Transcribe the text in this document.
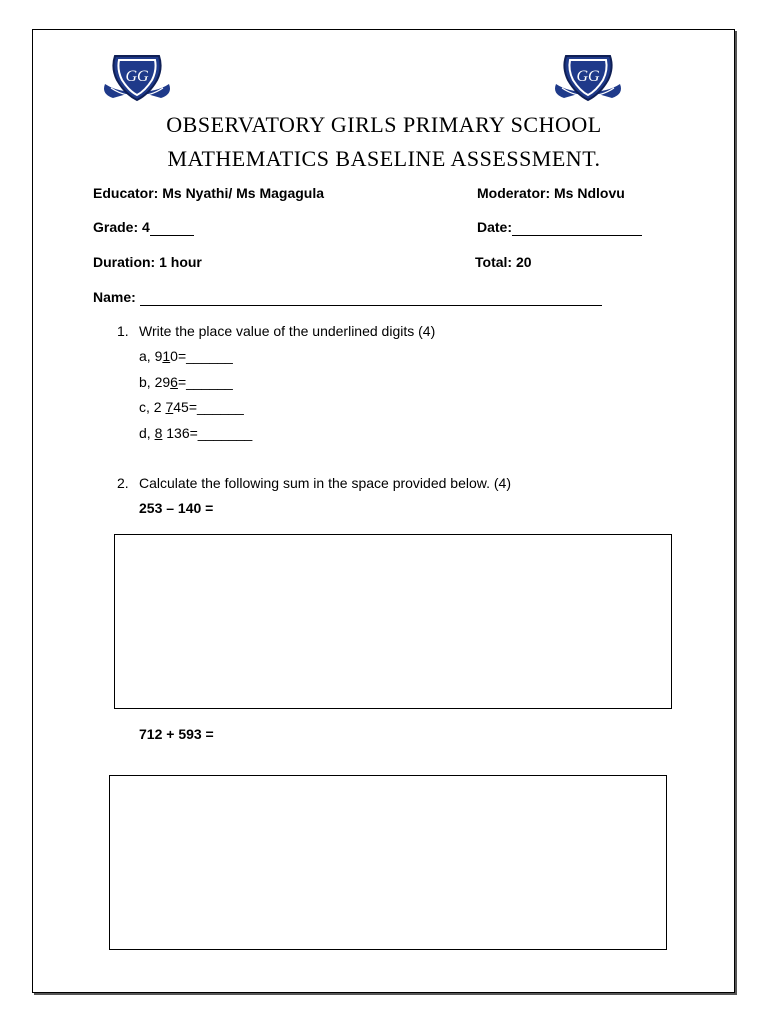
GG	GG
OBSERVATORY GIRLS PRIMARY SCHOOL
MATHEMATICS BASELINE ASSESSMENT.
Educator: Ms Nyathi/ Ms Magagula	Moderator: Ms Ndlovu
Grade: 4	Date:
Duration: 1 hour	Total: 20
Name:
1. Write the place value of the underlined digits (4)
a, 910=______
b, 296=______
c, 2 745=______
d, 8 136=_______
2. Calculate the following sum in the space provided below. (4)
253 – 140 =
712 + 593 =
